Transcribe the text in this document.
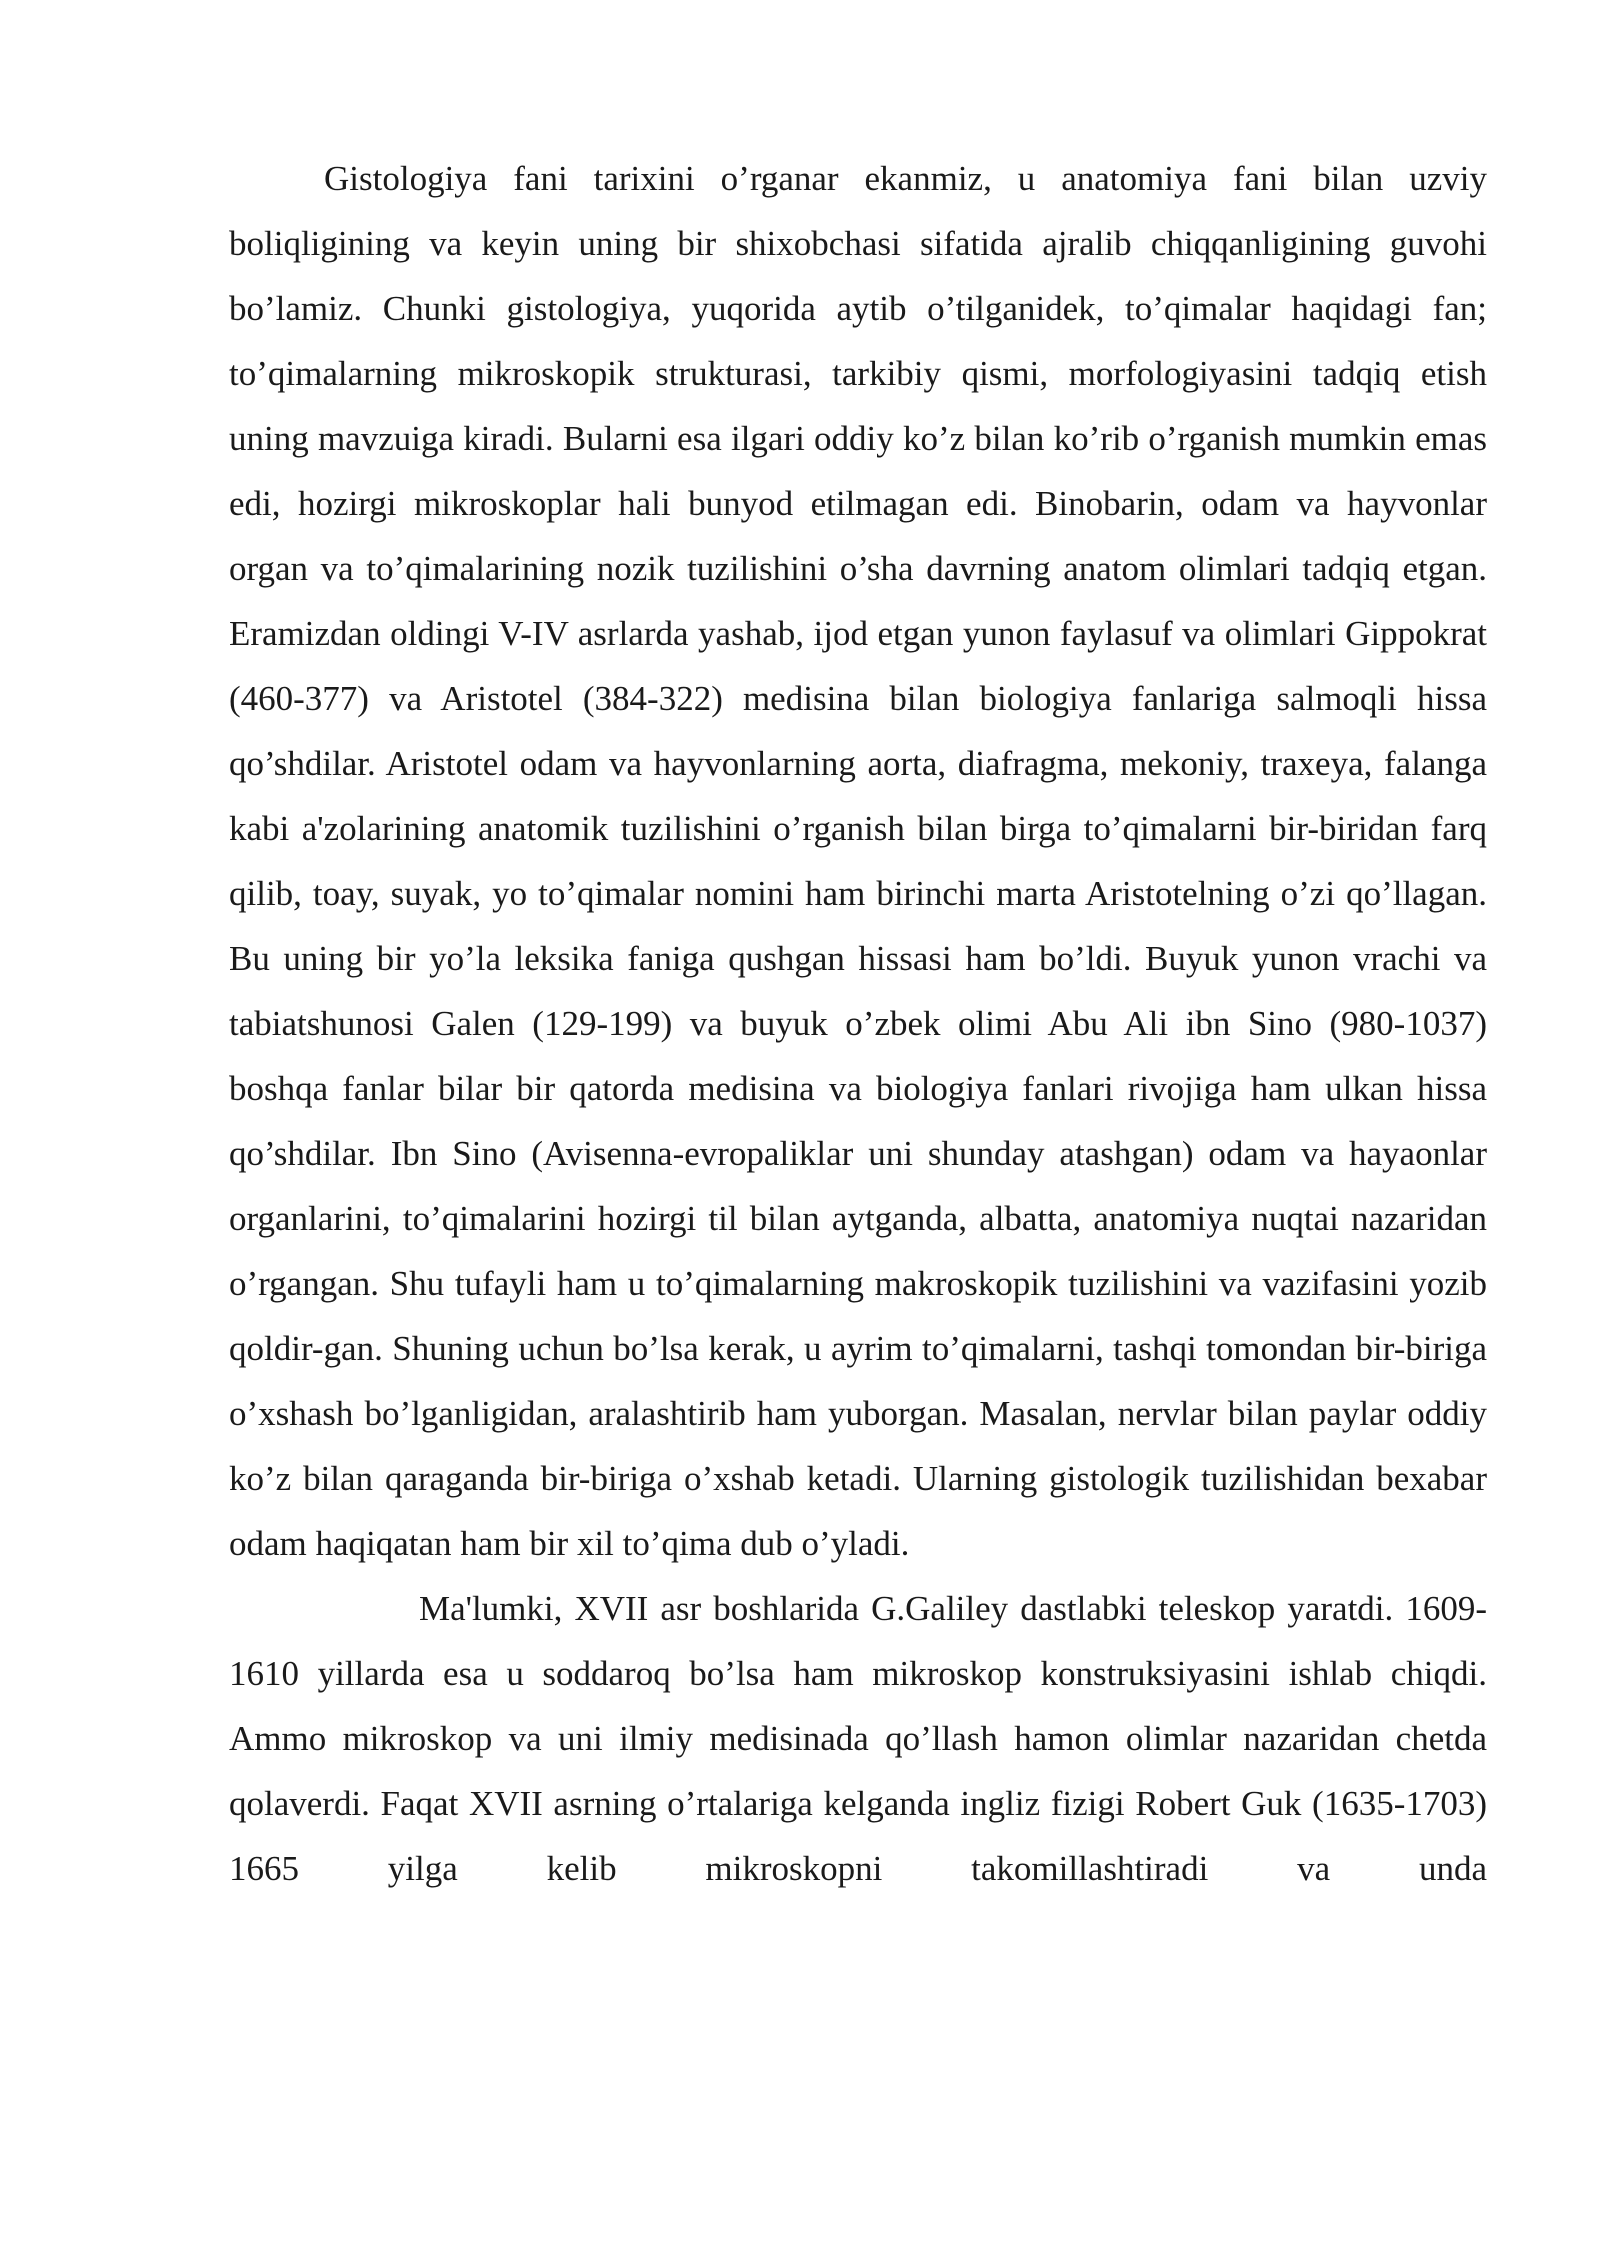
Gistologiya fani tarixini o’rganar ekanmiz, u anatomiya fani bilan uzviy boliqligining va keyin uning bir shixobchasi sifatida ajralib chiqqanligining guvohi bo’lamiz. Chunki gistologiya, yuqorida aytib o’tilganidek, to’qimalar haqidagi fan; to’qimalarning mikroskopik strukturasi, tarkibiy qismi, morfologiyasini tadqiq etish uning mavzuiga kiradi. Bularni esa ilgari oddiy ko’z bilan ko’rib o’rganish mumkin emas edi, hozirgi mikroskoplar hali bunyod etilmagan edi. Binobarin, odam va hayvonlar organ va to’qimalarining nozik tuzilishini o’sha davrning anatom olimlari tadqiq etgan. Eramizdan oldingi V-IV asrlarda yashab, ijod etgan yunon faylasuf va olimlari Gippokrat (460-377) va Aristotel (384-322) medisina bilan biologiya fanlariga salmoqli hissa qo’shdilar. Aristotel odam va hayvonlarning aorta, diafragma, mekoniy, traxeya, falanga kabi a'zolarining anatomik tuzilishini o’rganish bilan birga to’qimalarni bir-biridan farq qilib, toay, suyak, yo to’qimalar nomini ham birinchi marta Aristotelning o’zi qo’llagan. Bu uning bir yo’la leksika faniga qushgan hissasi ham bo’ldi. Buyuk yunon vrachi va tabiatshunosi Galen (129-199) va buyuk o’zbek olimi Abu Ali ibn Sino (980-1037) boshqa fanlar bilar bir qatorda medisina va biologiya fanlari rivojiga ham ulkan hissa qo’shdilar. Ibn Sino (Avisenna-evropaliklar uni shunday atashgan) odam va hayaonlar organlarini, to’qimalarini hozirgi til bilan aytganda, albatta, anatomiya nuqtai nazaridan o’rgangan. Shu tufayli ham u to’qimalarning makroskopik tuzilishini va vazifasini yozib qoldir-gan. Shuning uchun bo’lsa kerak, u ayrim to’qimalarni, tashqi tomondan bir-biriga o’xshash bo’lganligidan, aralashtirib ham yuborgan. Masalan, nervlar bilan paylar oddiy ko’z bilan qaraganda bir-biriga o’xshab ketadi. Ularning gistologik tuzilishidan bexabar odam haqiqatan ham bir xil to’qima dub o’yladi.

Ma'lumki, XVII asr boshlarida G.Galiley dastlabki teleskop yaratdi. 1609-1610 yillarda esa u soddaroq bo’lsa ham mikroskop konstruksiyasini ishlab chiqdi. Ammo mikroskop va uni ilmiy medisinada qo’llash hamon olimlar nazaridan chetda qolaverdi. Faqat XVII asrning o’rtalariga kelganda ingliz fizigi Robert Guk (1635-1703) 1665 yilga kelib mikroskopni takomillashtiradi va unda
